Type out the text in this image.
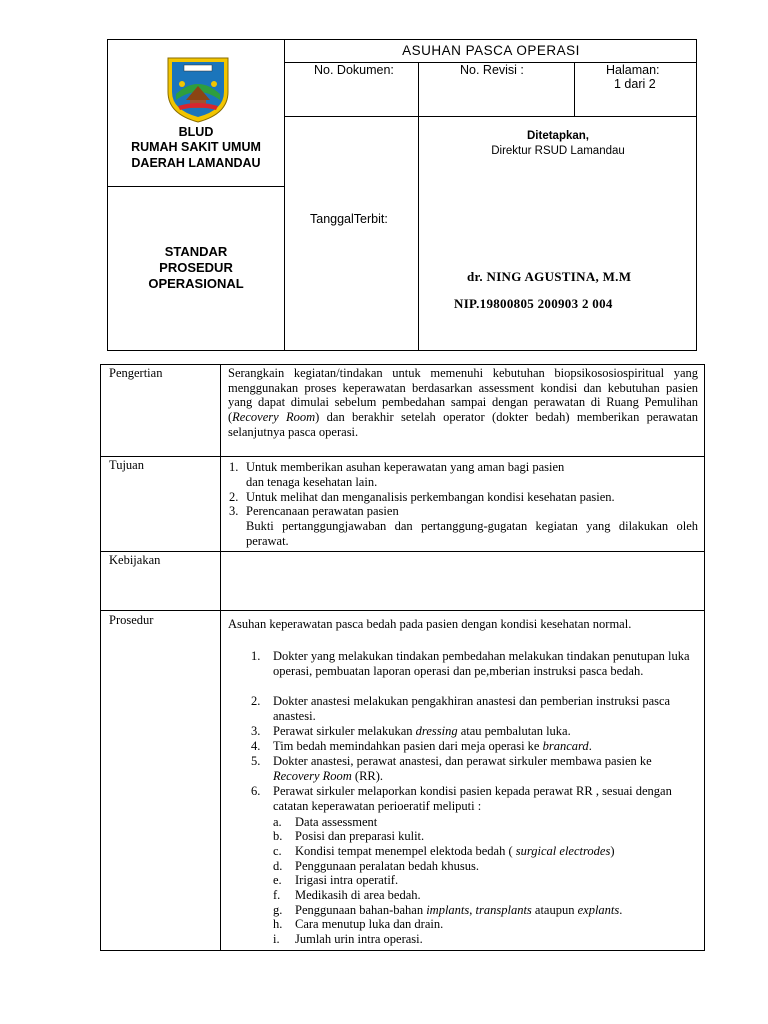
BLUD
RUMAH SAKIT UMUM
DAERAH LAMANDAU
STANDAR
PROSEDUR
OPERASIONAL
ASUHAN PASCA OPERASI
No. Dokumen:	No. Revisi :	Halaman:
1 dari 2
TanggalTerbit:
Ditetapkan,
Direktur RSUD Lamandau
dr. NING AGUSTINA, M.M
NIP.19800805 200903 2 004
Pengertian	Serangkain kegiatan/tindakan untuk memenuhi kebutuhan biopsikososiospiritual yang menggunakan proses keperawatan berdasarkan assessment kondisi dan kebutuhan pasien yang dapat dimulai sebelum pembedahan sampai dengan perawatan di Ruang Pemulihan (Recovery Room) dan berakhir setelah operator (dokter bedah) memberikan perawatan selanjutnya pasca operasi.
Tujuan	1. Untuk memberikan asuhan keperawatan yang aman bagi pasien
dan tenaga kesehatan lain.
2. Untuk melihat dan menganalisis perkembangan kondisi kesehatan pasien.
3. Perencanaan perawatan pasien
Bukti pertanggungjawaban dan pertanggung-gugatan kegiatan yang dilakukan oleh perawat.
Kebijakan
Prosedur	Asuhan keperawatan pasca bedah pada pasien dengan kondisi kesehatan normal.
1. Dokter yang melakukan tindakan pembedahan melakukan tindakan penutupan luka operasi, pembuatan laporan operasi dan pe,mberian instruksi pasca bedah.
2. Dokter anastesi melakukan pengakhiran anastesi dan pemberian instruksi pasca anastesi.
3. Perawat sirkuler melakukan dressing atau pembalutan luka.
4. Tim bedah memindahkan pasien dari meja operasi ke brancard.
5. Dokter anastesi, perawat anastesi, dan perawat sirkuler membawa pasien ke Recovery Room (RR).
6. Perawat sirkuler melaporkan kondisi pasien kepada perawat RR , sesuai dengan catatan keperawatan perioeratif meliputi :
a. Data assessment
b. Posisi dan preparasi kulit.
c. Kondisi tempat menempel elektoda bedah ( surgical electrodes)
d. Penggunaan peralatan bedah khusus.
e. Irigasi intra operatif.
f. Medikasih di area bedah.
g. Penggunaan bahan-bahan implants, transplants ataupun explants.
h. Cara menutup luka dan drain.
i. Jumlah urin intra operasi.
